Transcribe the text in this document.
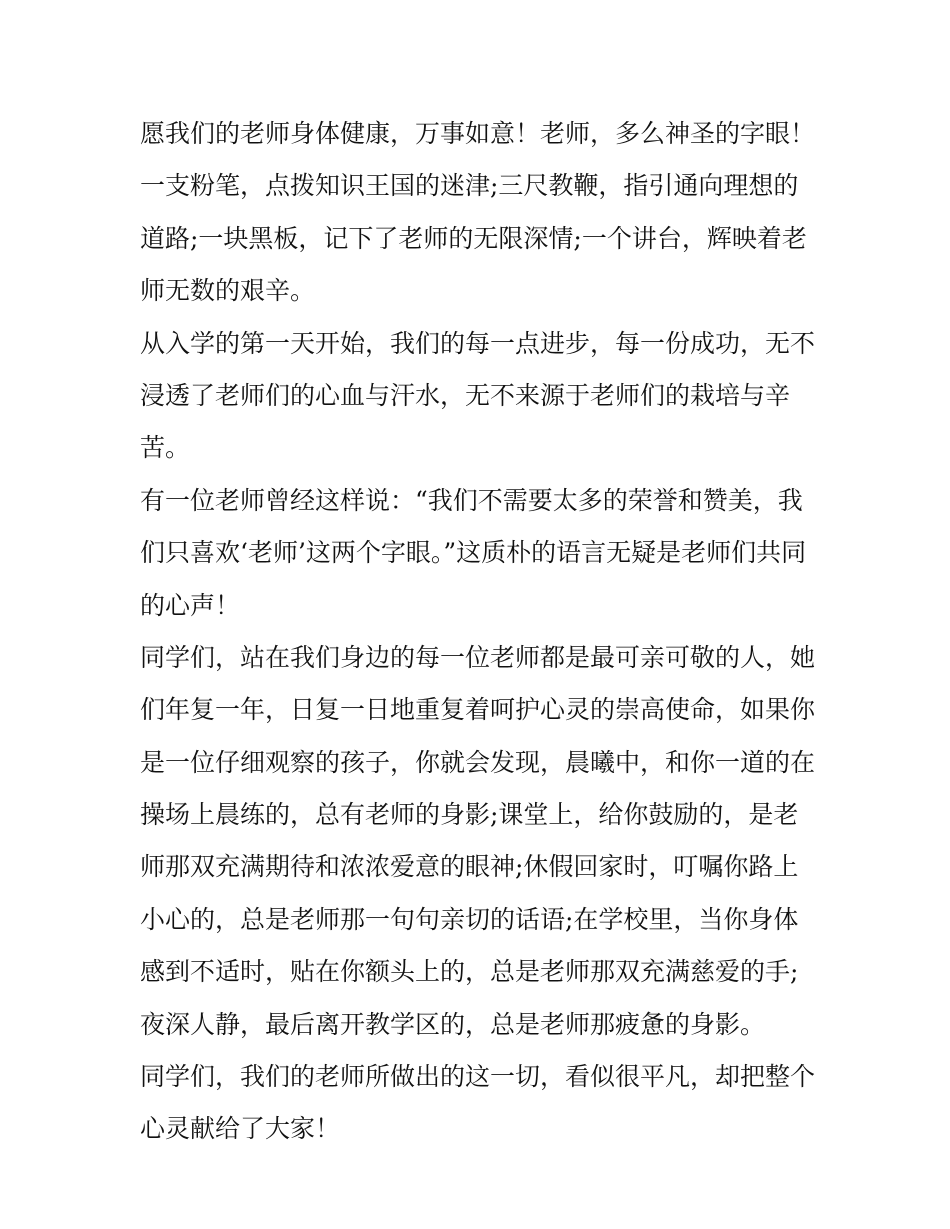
愿我们的老师身体健康，万事如意！老师，多么神圣的字眼！
一支粉笔，点拨知识王国的迷津;三尺教鞭，指引通向理想的
道路;一块黑板，记下了老师的无限深情;一个讲台，辉映着老
师无数的艰辛。
从入学的第一天开始，我们的每一点进步，每一份成功，无不
浸透了老师们的心血与汗水，无不来源于老师们的栽培与辛
苦。
有一位老师曾经这样说：“我们不需要太多的荣誉和赞美，我
们只喜欢‘老师’这两个字眼。”这质朴的语言无疑是老师们共同
的心声！
同学们，站在我们身边的每一位老师都是最可亲可敬的人，她
们年复一年，日复一日地重复着呵护心灵的崇高使命，如果你
是一位仔细观察的孩子，你就会发现，晨曦中，和你一道的在
操场上晨练的，总有老师的身影;课堂上，给你鼓励的，是老
师那双充满期待和浓浓爱意的眼神;休假回家时，叮嘱你路上
小心的，总是老师那一句句亲切的话语;在学校里，当你身体
感到不适时，贴在你额头上的，总是老师那双充满慈爱的手;
夜深人静，最后离开教学区的，总是老师那疲惫的身影。
同学们，我们的老师所做出的这一切，看似很平凡，却把整个
心灵献给了大家！
